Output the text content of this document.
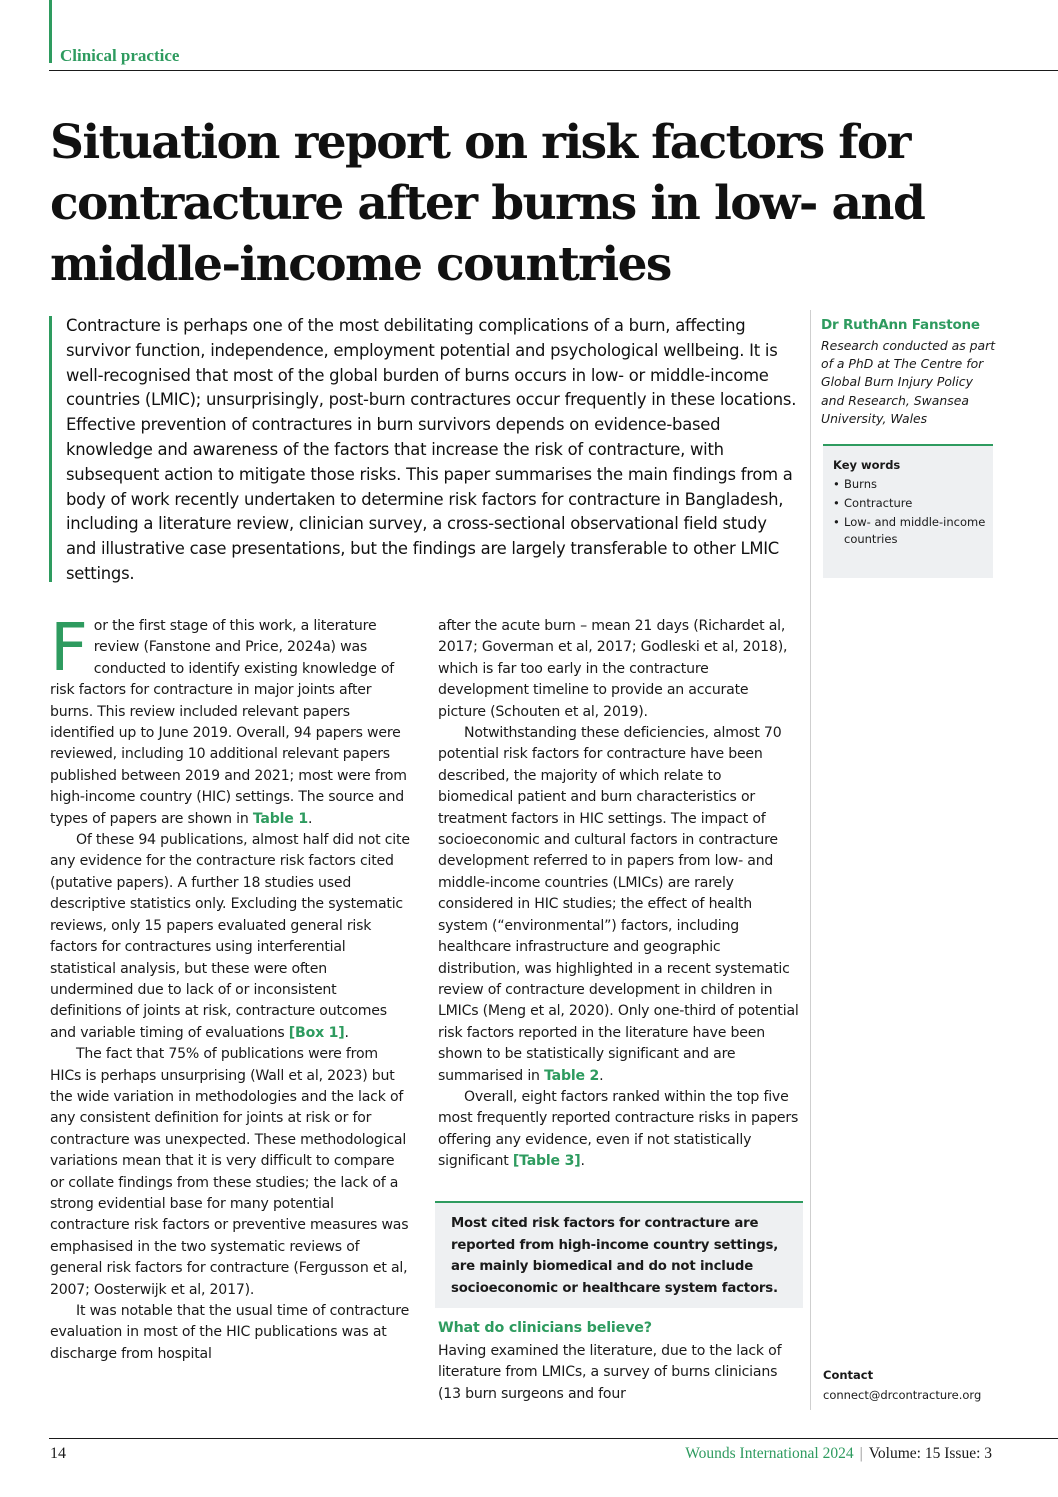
Clinical practice
Situation report on risk factors for contracture after burns in low- and middle-income countries

Contracture is perhaps one of the most debilitating complications of a burn, affecting survivor function, independence, employment potential and psychological wellbeing. It is well-recognised that most of the global burden of burns occurs in low- or middle-income countries (LMIC); unsurprisingly, post-burn contractures occur frequently in these locations. Effective prevention of contractures in burn survivors depends on evidence-based knowledge and awareness of the factors that increase the risk of contracture, with subsequent action to mitigate those risks. This paper summarises the main findings from a body of work recently undertaken to determine risk factors for contracture in Bangladesh, including a literature review, clinician survey, a cross-sectional observational field study and illustrative case presentations, but the findings are largely transferable to other LMIC settings.

Dr RuthAnn Fanstone

Research conducted as part of a PhD at The Centre for Global Burn Injury Policy and Research, Swansea University, Wales

Key words
• Burns
• Contracture
• Low- and middle-income countries

For the first stage of this work, a literature review (Fanstone and Price, 2024a) was conducted to identify existing knowledge of risk factors for contracture in major joints after burns. This review included relevant papers identified up to June 2019. Overall, 94 papers were reviewed, including 10 additional relevant papers published between 2019 and 2021; most were from high-income country (HIC) settings. The source and types of papers are shown in Table 1.

Of these 94 publications, almost half did not cite any evidence for the contracture risk factors cited (putative papers). A further 18 studies used descriptive statistics only. Excluding the systematic reviews, only 15 papers evaluated general risk factors for contractures using interferential statistical analysis, but these were often undermined due to lack of or inconsistent definitions of joints at risk, contracture outcomes and variable timing of evaluations [Box 1].

The fact that 75% of publications were from HICs is perhaps unsurprising (Wall et al, 2023) but the wide variation in methodologies and the lack of any consistent definition for joints at risk or for contracture was unexpected. These methodological variations mean that it is very difficult to compare or collate findings from these studies; the lack of a strong evidential base for many potential contracture risk factors or preventive measures was emphasised in the two systematic reviews of general risk factors for contracture (Fergusson et al, 2007; Oosterwijk et al, 2017).

It was notable that the usual time of contracture evaluation in most of the HIC publications was at discharge from hospital

after the acute burn – mean 21 days (Richardet al, 2017; Goverman et al, 2017; Godleski et al, 2018), which is far too early in the contracture development timeline to provide an accurate picture (Schouten et al, 2019).

Notwithstanding these deficiencies, almost 70 potential risk factors for contracture have been described, the majority of which relate to biomedical patient and burn characteristics or treatment factors in HIC settings. The impact of socioeconomic and cultural factors in contracture development referred to in papers from low- and middle-income countries (LMICs) are rarely considered in HIC studies; the effect of health system (“environmental”) factors, including healthcare infrastructure and geographic distribution, was highlighted in a recent systematic review of contracture development in children in LMICs (Meng et al, 2020). Only one-third of potential risk factors reported in the literature have been shown to be statistically significant and are summarised in Table 2.

Overall, eight factors ranked within the top five most frequently reported contracture risks in papers offering any evidence, even if not statistically significant [Table 3].

Most cited risk factors for contracture are reported from high-income country settings, are mainly biomedical and do not include socioeconomic or healthcare system factors.

What do clinicians believe?

Having examined the literature, due to the lack of literature from LMICs, a survey of burns clinicians (13 burn surgeons and four

Contact
connect@drcontracture.org
14	Wounds International 2024 | Volume: 15 Issue: 3
